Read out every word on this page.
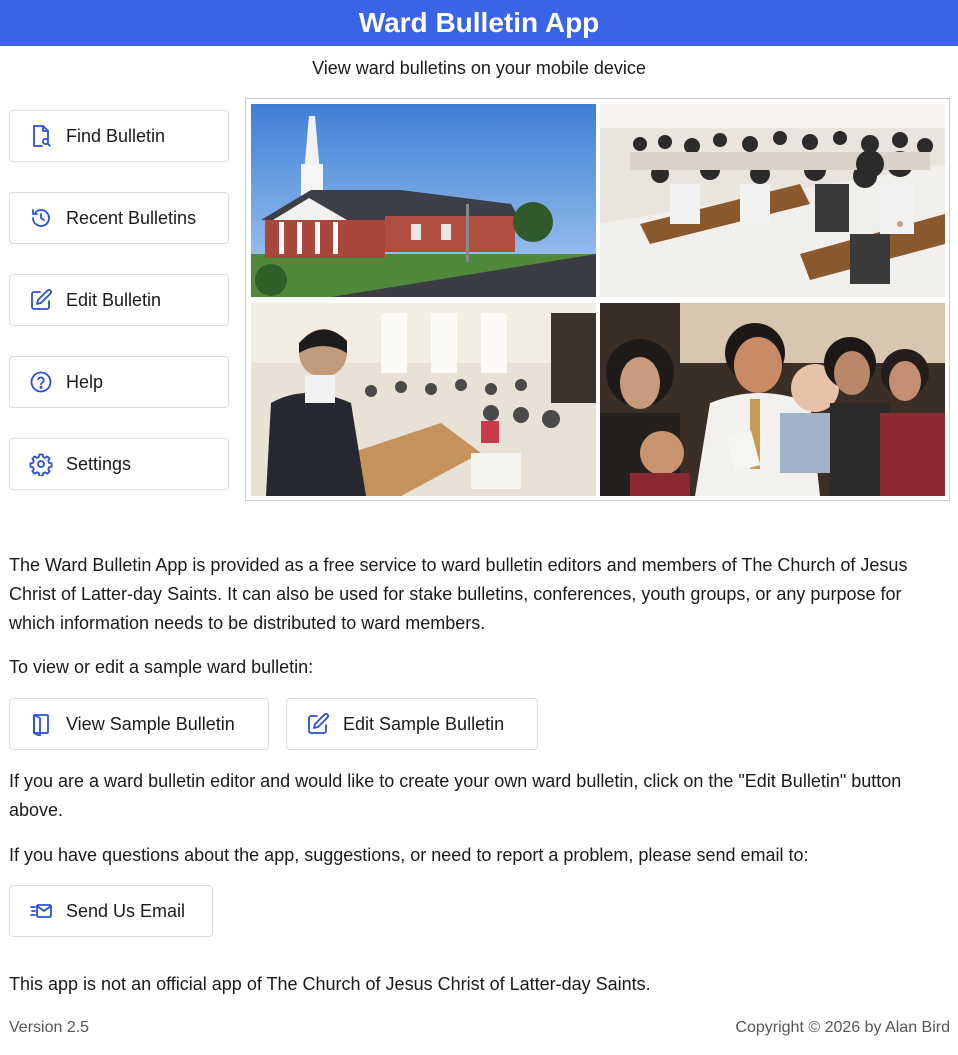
Ward Bulletin App
View ward bulletins on your mobile device
Find Bulletin
Recent Bulletins
Edit Bulletin
Help
Settings
The Ward Bulletin App is provided as a free service to ward bulletin editors and members of The Church of Jesus Christ of Latter-day Saints. It can also be used for stake bulletins, conferences, youth groups, or any purpose for which information needs to be distributed to ward members.
To view or edit a sample ward bulletin:
View Sample Bulletin	Edit Sample Bulletin
If you are a ward bulletin editor and would like to create your own ward bulletin, click on the "Edit Bulletin" button above.
If you have questions about the app, suggestions, or need to report a problem, please send email to:
Send Us Email
This app is not an official app of The Church of Jesus Christ of Latter-day Saints.
Version 2.5	Copyright © 2026 by Alan Bird
